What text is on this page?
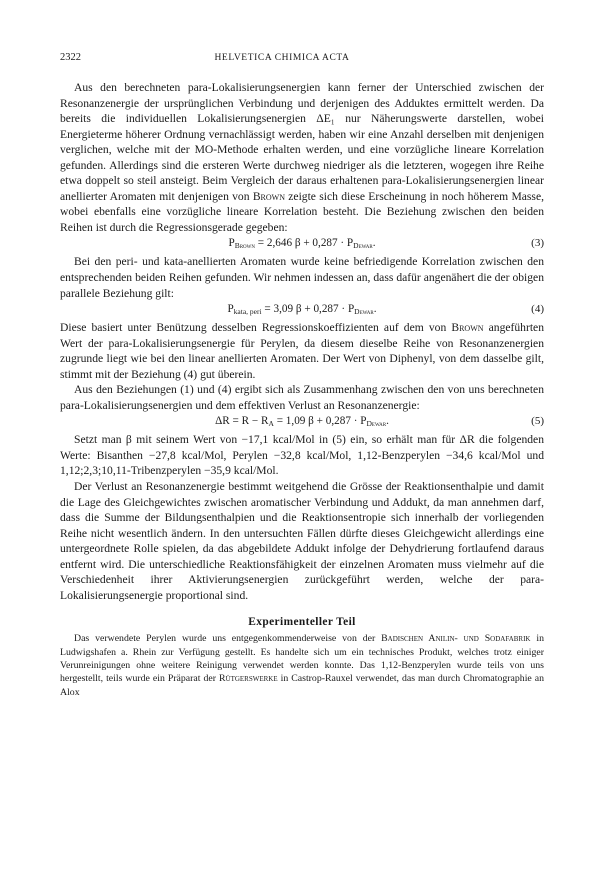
2322	HELVETICA CHIMICA ACTA

Aus den berechneten para-Lokalisierungsenergien kann ferner der Unterschied zwischen der Resonanzenergie der ursprünglichen Verbindung und derjenigen des Adduktes ermittelt werden. Da bereits die individuellen Lokalisierungsenergien ΔE₁ nur Näherungswerte darstellen, wobei Energieterme höherer Ordnung vernachlässigt werden, haben wir eine Anzahl derselben mit denjenigen verglichen, welche mit der MO-Methode erhalten werden, und eine vorzügliche lineare Korrelation gefunden. Allerdings sind die ersteren Werte durchweg niedriger als die letzteren, wogegen ihre Reihe etwa doppelt so steil ansteigt. Beim Vergleich der daraus erhaltenen para-Lokalisierungsenergien linear anellierter Aromaten mit denjenigen von Brown zeigte sich diese Erscheinung in noch höherem Masse, wobei ebenfalls eine vorzügliche lineare Korrelation besteht. Die Beziehung zwischen den beiden Reihen ist durch die Regressionsgerade gegeben:

PBrown = 2,646 β + 0,287 · PDewar.	(3)

Bei den peri- und kata-anellierten Aromaten wurde keine befriedigende Korrelation zwischen den entsprechenden beiden Reihen gefunden. Wir nehmen indessen an, dass dafür angenähert die der obigen parallele Beziehung gilt:

$P_{kata, peri} = 3,09$ β + 0,287 · PDewar.	(4)

Diese basiert unter Benützung desselben Regressionskoeffizienten auf dem von Brown angeführten Wert der para-Lokalisierungsenergie für Perylen, da diesem dieselbe Reihe von Resonanzenergien zugrunde liegt wie bei den linear anellierten Aromaten. Der Wert von Diphenyl, von dem dasselbe gilt, stimmt mit der Beziehung (4) gut überein.

Aus den Beziehungen (1) und (4) ergibt sich als Zusammenhang zwischen den von uns berechneten para-Lokalisierungsenergien und dem effektiven Verlust an Resonanzenergie:

$\Delta R = R - R_A = 1,09$ β + 0,287 · PDewar.	(5)

Setzt man β mit seinem Wert von −17,1 kcal/Mol in (5) ein, so erhält man für ΔR die folgenden Werte: Bisanthen −27,8 kcal/Mol, Perylen −32,8 kcal/Mol, 1,12-Benzperylen −34,6 kcal/Mol und 1,12;2,3;10,11-Tribenzperylen −35,9 kcal/Mol.

Der Verlust an Resonanzenergie bestimmt weitgehend die Grösse der Reaktionsenthalpie und damit die Lage des Gleichgewichtes zwischen aromatischer Verbindung und Addukt, da man annehmen darf, dass die Summe der Bildungsenthalpien und die Reaktionsentropie sich innerhalb der vorliegenden Reihe nicht wesentlich ändern. In den untersuchten Fällen dürfte dieses Gleichgewicht allerdings eine untergeordnete Rolle spielen, da das abgebildete Addukt infolge der Dehydrierung fortlaufend daraus entfernt wird. Die unterschiedliche Reaktionsfähigkeit der einzelnen Aromaten muss vielmehr auf die Verschiedenheit ihrer Aktivierungsenergien zurückgeführt werden, welche der para-Lokalisierungsenergie proportional sind.

Experimenteller Teil

Das verwendete Perylen wurde uns entgegenkommenderweise von der Badischen Anilin- und Sodafabrik in Ludwigshafen a. Rhein zur Verfügung gestellt. Es handelte sich um ein technisches Produkt, welches trotz einiger Verunreinigungen ohne weitere Reinigung verwendet werden konnte. Das 1,12-Benzperylen wurde teils von uns hergestellt, teils wurde ein Präparat der Rütgerswerke in Castrop-Rauxel verwendet, das man durch Chromatographie an Alox
